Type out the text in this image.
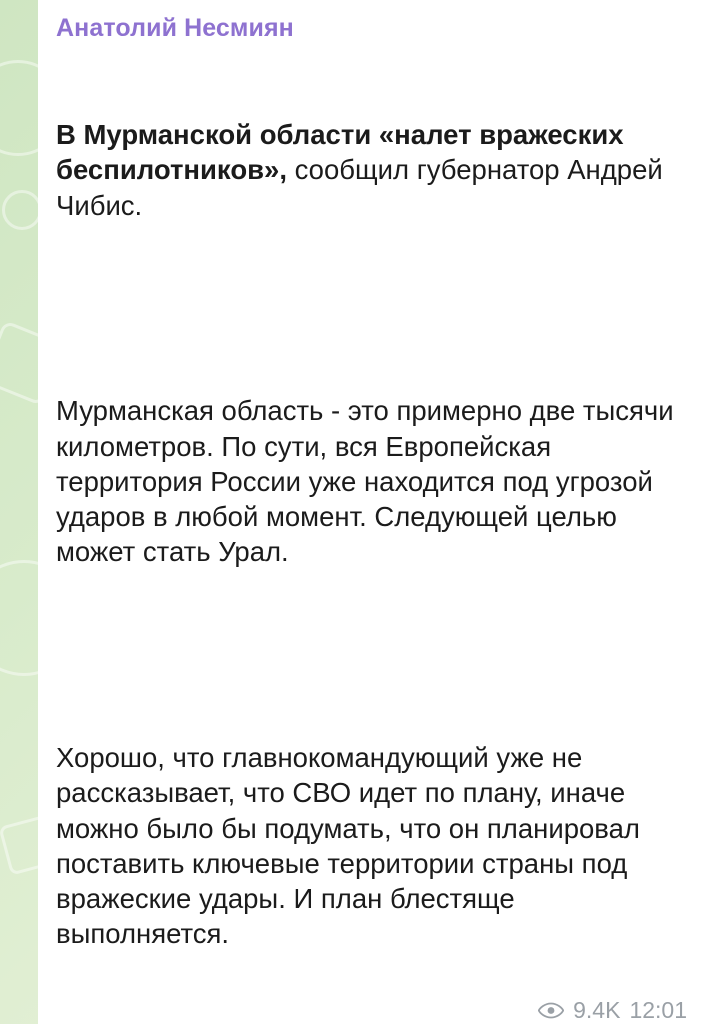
Анатолий Несмиян

В Мурманской области «налет вражеских беспилотников», сообщил губернатор Андрей Чибис.

Мурманская область - это примерно две тысячи километров. По сути, вся Европейская территория России уже находится под угрозой ударов в любой момент. Следующей целью может стать Урал.

Хорошо, что главнокомандующий уже не рассказывает, что СВО идет по плану, иначе можно было бы подумать, что он планировал поставить ключевые территории страны под вражеские удары. И план блестяще выполняется.

9.4K 12:01
